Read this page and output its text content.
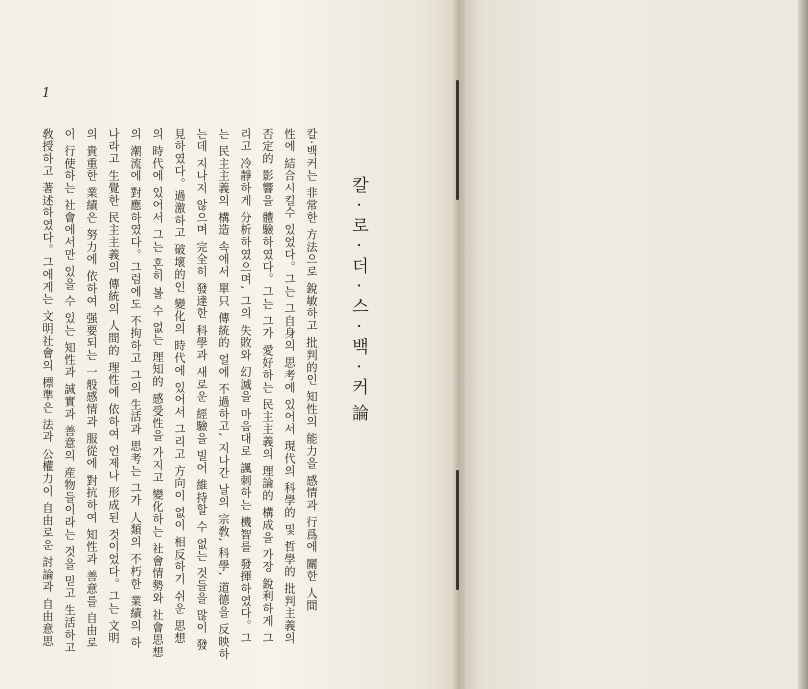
1
칼·로·더·스·백·커論
칼·백커는 非常한 方法으로 銳敏하고 批判的인 知性의 能力을 感情과 行爲에 關한 人間
性에 結合시킬수 있었다。그는 그自身의 思考에 있어서 現代의 科學的 및 哲學的 批判主義의
否定的 影響을 體驗하였다。그는 그가 愛好하는 民主主義의 理論的 構成을 가장 銳利하게 그
리고 冷靜하게 分析하였으며, 그의 失敗와 幻滅을 마음대로 諷刺하는 機智를 發揮하였다。그
는 民主主義의 構造 속에서 單只 傳統的 얼에 不過하고, 지나간 날의 宗敎, 科學, 道德을 反映하
는데 지나지 않으며 完全히 發達한 科學과 새로운 經驗을 빌어 維持할 수 없는 것들을 많이 發
見하였다。過激하고 破壞的인 變化의 時代에 있어서 그리고 方向이 없이 相反하기 쉬운 思想
의 時代에 있어서 그는 혼히 볼 수 없는 理知的 感受性을 가지고 變化하는 社會情勢와 社會思想
의 潮流에 對應하였다。그럼에도 不拘하고 그의 生活과 思考는 그가 人類의 不朽한 業績의 하
나라고 生覺한 民主主義의 傳統의 人間的 理性에 依하여 언제나 形成된 것이었다。그는 文明
의 貴重한 業績은 努力에 依하여 强要되는 一般感情과 服從에 對抗하여 知性과 善意를 自由로
이 行使하는 社會에서만 있을 수 있는 知性과 誠實과 善意의 産物들이라는 것을 믿고 生活하고
敎授하고 著述하였다。그에게는 文明社會의 標準은 法과 公權力이 自由로운 討論과 自由意思
